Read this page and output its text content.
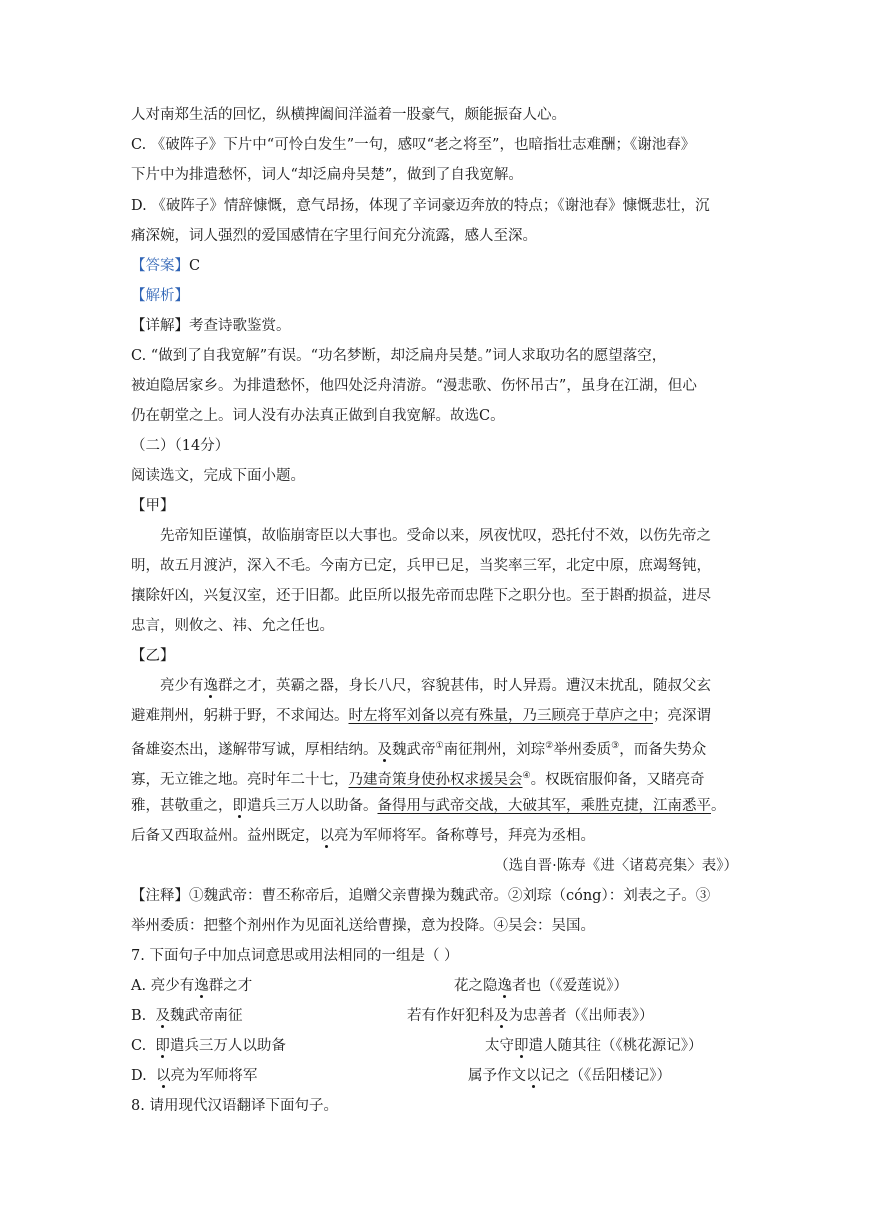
人对南郑生活的回忆，纵横捭阖间洋溢着一股豪气，颇能振奋人心。
C. 《破阵子》下片中“可怜白发生”一句，感叹“老之将至”，也暗指壮志难酬；《谢池春》
下片中为排遣愁怀，词人“却泛扁舟吴楚”，做到了自我宽解。
D. 《破阵子》情辞慷慨，意气昂扬，体现了辛词豪迈奔放的特点；《谢池春》慷慨悲壮，沉
痛深婉，词人强烈的爱国感情在字里行间充分流露，感人至深。
【答案】C
【解析】
【详解】考查诗歌鉴赏。
C. “做到了自我宽解”有误。“功名梦断，却泛扁舟吴楚。”词人求取功名的愿望落空，
被迫隐居家乡。为排遣愁怀，他四处泛舟清游。“漫悲歌、伤怀吊古”，虽身在江湖，但心
仍在朝堂之上。词人没有办法真正做到自我宽解。故选C。
（二）（14分）
阅读选文，完成下面小题。
【甲】
先帝知臣谨慎，故临崩寄臣以大事也。受命以来，夙夜忧叹，恐托付不效，以伤先帝之
明，故五月渡泸，深入不毛。今南方已定，兵甲已足，当奖率三军，北定中原，庶竭驽钝，
攘除奸凶，兴复汉室，还于旧都。此臣所以报先帝而忠陛下之职分也。至于斟酌损益，进尽
忠言，则攸之、祎、允之任也。
【乙】
亮少有逸群之才，英霸之器，身长八尺，容貌甚伟，时人异焉。遭汉末扰乱，随叔父玄
避难荆州，躬耕于野，不求闻达。时左将军刘备以亮有殊量，乃三顾亮于草庐之中；亮深谓
备雄姿杰出，遂解带写诚，厚相结纳。及魏武帝①南征荆州，刘琮②举州委质③，而备失势众
寡，无立锥之地。亮时年二十七，乃建奇策身使孙权求援吴会④。权既宿服仰备，又睹亮奇
雅，甚敬重之，即遣兵三万人以助备。备得用与武帝交战，大破其军，乘胜克捷，江南悉平。
后备又西取益州。益州既定，以亮为军师将军。备称尊号，拜亮为丞相。
（选自晋·陈寿《进〈诸葛亮集〉表》）
【注释】①魏武帝：曹丕称帝后，追赠父亲曹操为魏武帝。②刘琮（cóng）：刘表之子。③
举州委质：把整个剂州作为见面礼送给曹操，意为投降。④吴会：吴国。
7. 下面句子中加点词意思或用法相同的一组是（ ）
A. 亮少有逸群之才	花之隐逸者也（《爱莲说》）
B.  及魏武帝南征	若有作奸犯科及为忠善者（《出师表》）
C.  即遣兵三万人以助备	太守即遣人随其往（《桃花源记》）
D.  以亮为军师将军	属予作文以记之（《岳阳楼记》）
8. 请用现代汉语翻译下面句子。
